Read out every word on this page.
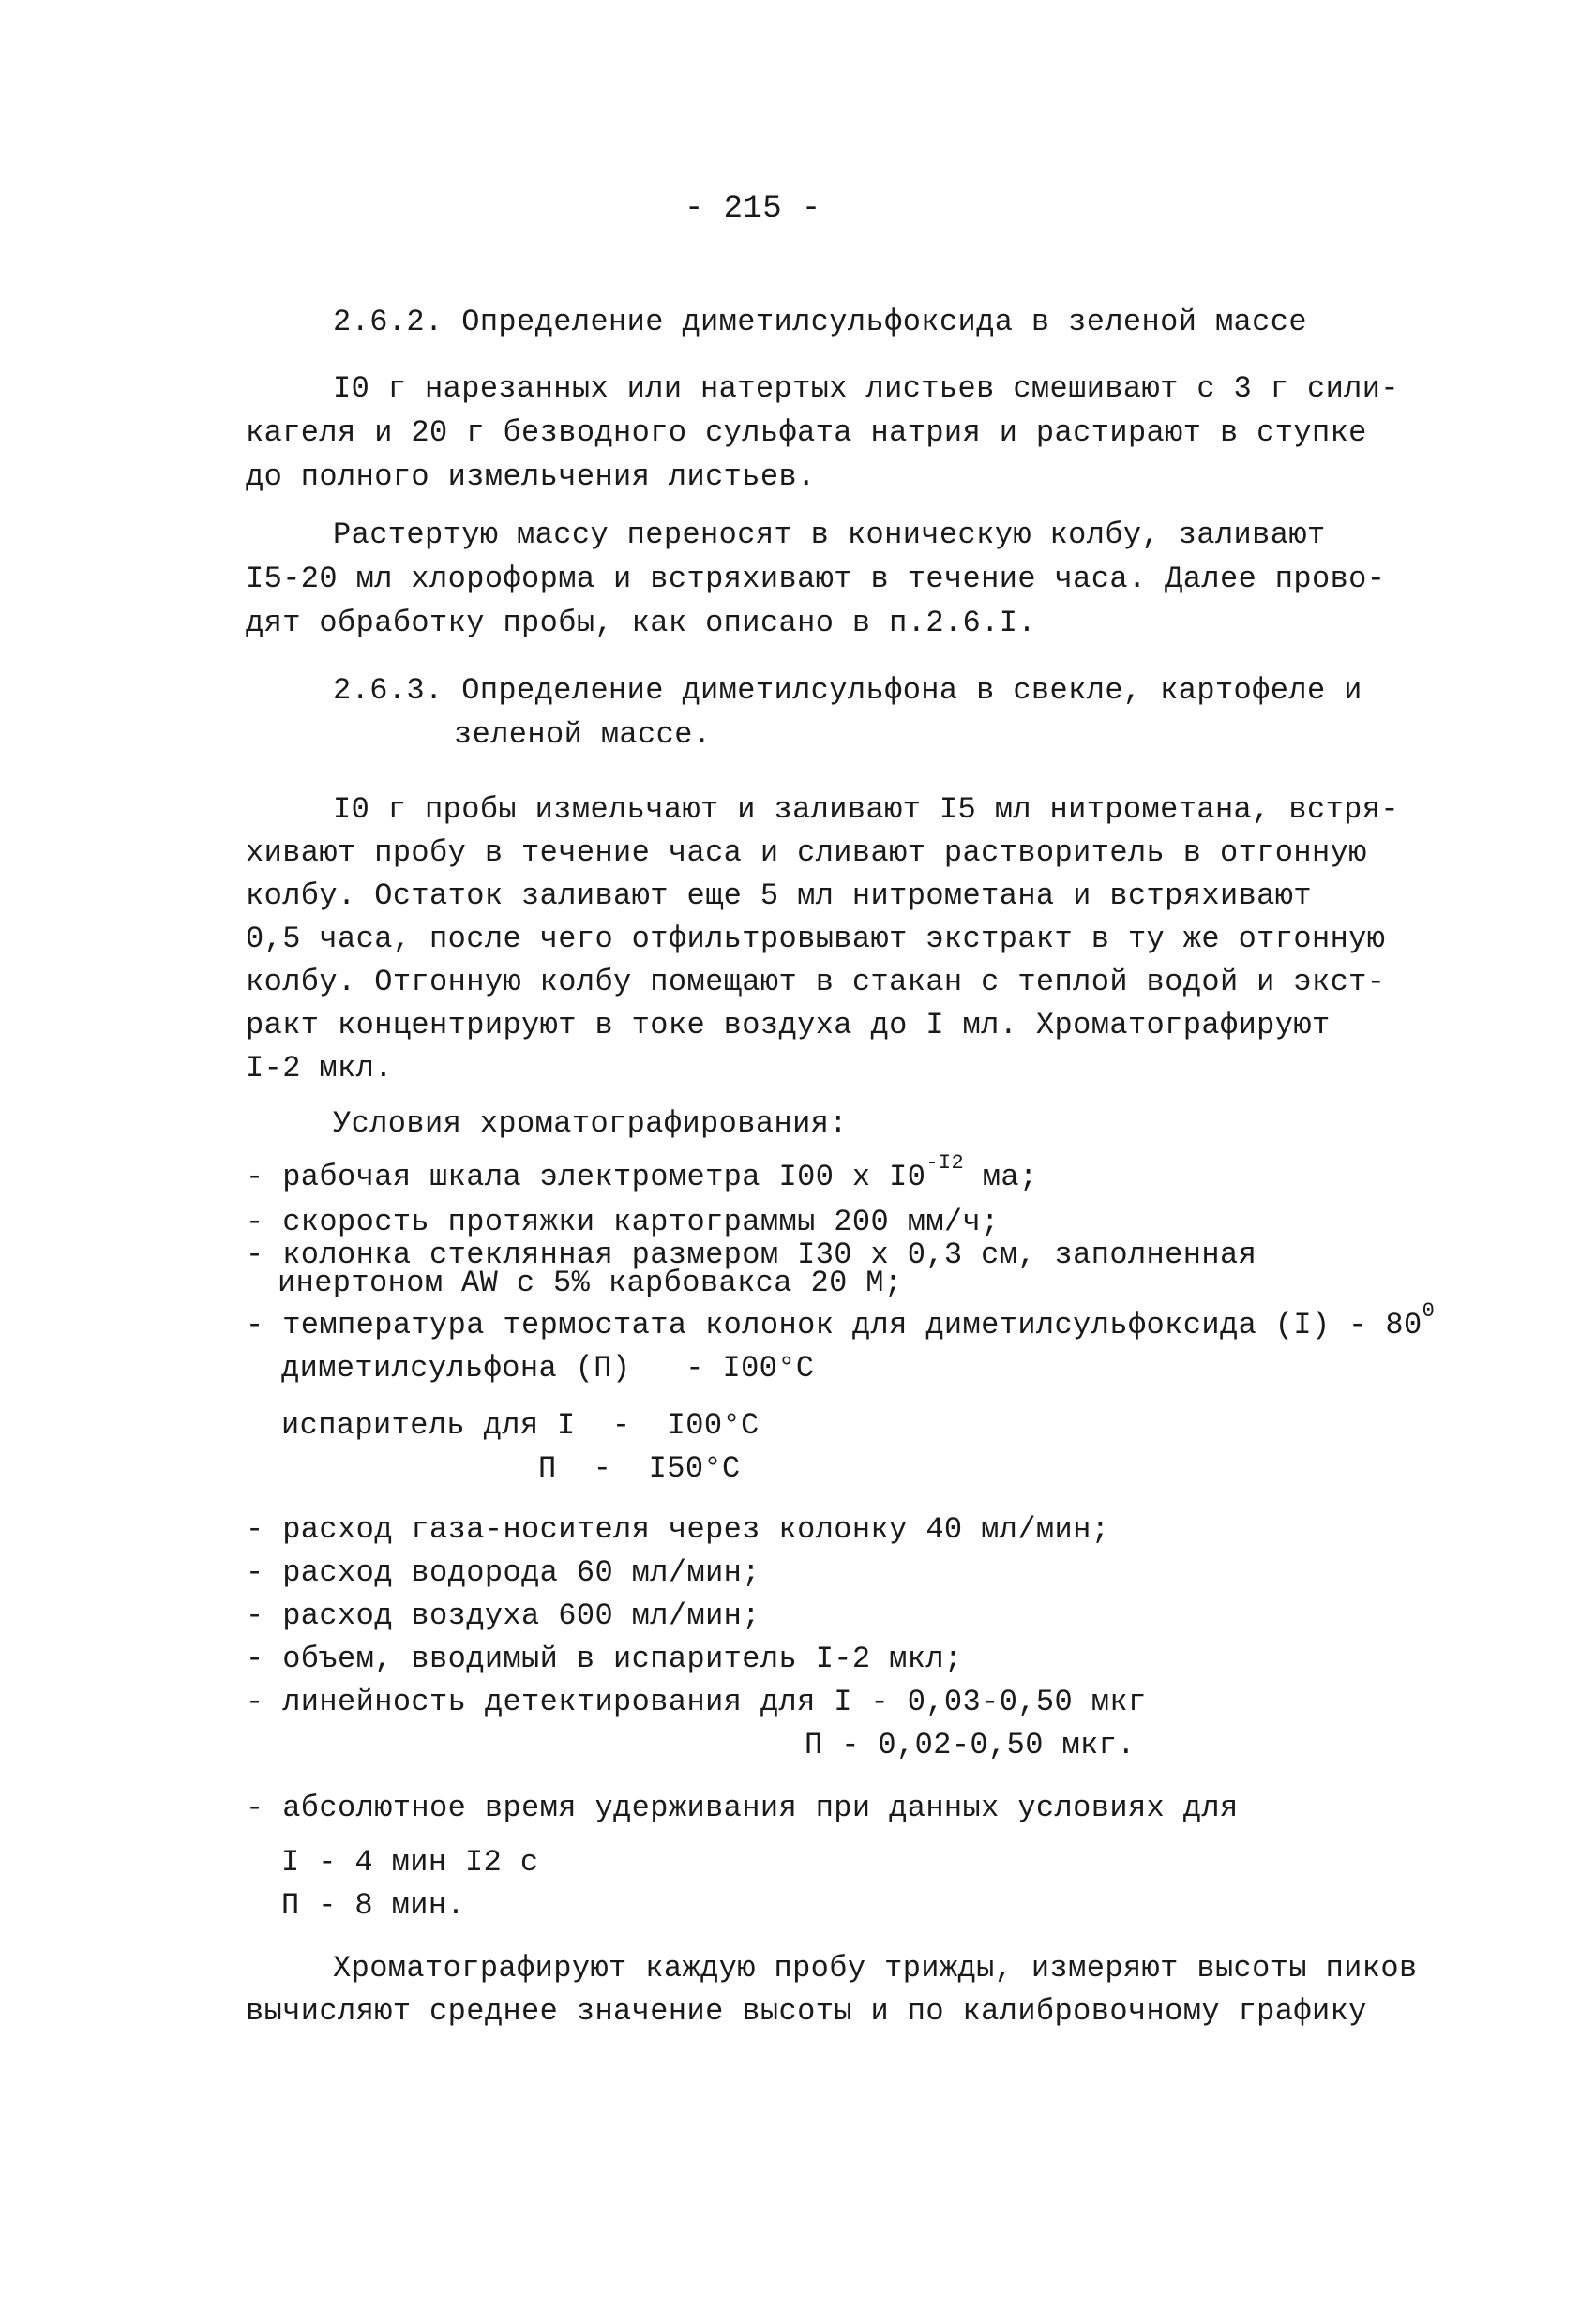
- 215 -
2.6.2. Определение диметилсульфоксида в зеленой массе
I0 г нарезанных или натертых листьев смешивают с 3 г сили-
кагеля и 20 г безводного сульфата натрия и растирают в ступке
до полного измельчения листьев.
Растертую массу переносят в коническую колбу, заливают
I5-20 мл хлороформа и встряхивают в течение часа. Далее прово-
дят обработку пробы, как описано в п.2.6.I.
2.6.3. Определение диметилсульфона в свекле, картофеле и
зеленой массе.
I0 г пробы измельчают и заливают I5 мл нитрометана, встря-
хивают пробу в течение часа и сливают растворитель в отгонную
колбу. Остаток заливают еще 5 мл нитрометана и встряхивают
0,5 часа, после чего отфильтровывают экстракт в ту же отгонную
колбу. Отгонную колбу помещают в стакан с теплой водой и экст-
ракт концентрируют в токе воздуха до I мл. Хроматографируют
I-2 мкл.
Условия хроматографирования:
- рабочая шкала электрометра I00 x $I0^{-I2}$ ма;
- скорость протяжки картограммы 200 мм/ч;
- колонка стеклянная размером I30 x 0,3 см, заполненная
инертоном AW с 5% карбовакса 20 М;
- температура термостата колонок для диметилсульфоксида $(I) - 80^0$
диметилсульфона (П)   - I00°C
испаритель для I  -  I00°C
П  -  I50°C
- расход газа-носителя через колонку 40 мл/мин;
- расход водорода 60 мл/мин;
- расход воздуха 600 мл/мин;
- объем, вводимый в испаритель I-2 мкл;
- линейность детектирования для I - 0,03-0,50 мкг
П - 0,02-0,50 мкг.
- абсолютное время удерживания при данных условиях для
I - 4 мин I2 с
П - 8 мин.
Хроматографируют каждую пробу трижды, измеряют высоты пиков
вычисляют среднее значение высоты и по калибровочному графику
